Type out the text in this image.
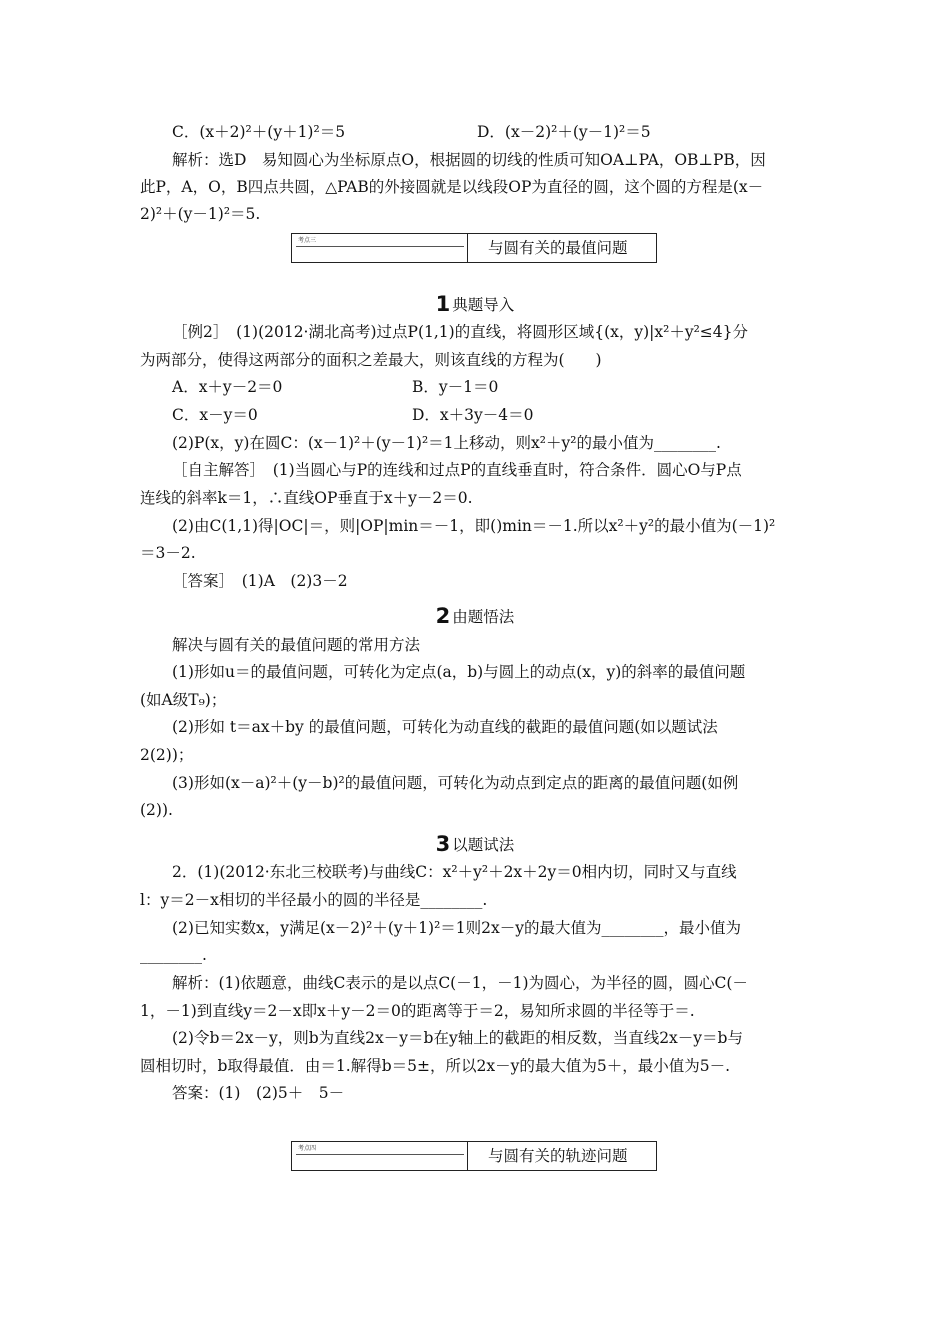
C．(x＋2)²＋(y＋1)²＝5	D．(x－2)²＋(y－1)²＝5
解析：选D　易知圆心为坐标原点O，根据圆的切线的性质可知OA⊥PA，OB⊥PB，因
此P，A，O，B四点共圆，△PAB的外接圆就是以线段OP为直径的圆，这个圆的方程是(x－
2)²＋(y－1)²＝5.
考点三	与圆有关的最值问题
1 典题导入
［例2］　(1)(2012·湖北高考)过点P(1,1)的直线，将圆形区域{(x，y)|x²＋y²≤4}分
为两部分，使得这两部分的面积之差最大，则该直线的方程为(　　)
A．x＋y－2＝0	B．y－1＝0
C．x－y＝0	D．x＋3y－4＝0
(2)P(x，y)在圆C：(x－1)²＋(y－1)²＝1上移动，则x²＋y²的最小值为________.
［自主解答］　(1)当圆心与P的连线和过点P的直线垂直时，符合条件．圆心O与P点
连线的斜率k＝1，∴直线OP垂直于x＋y－2＝0.
(2)由C(1,1)得|OC|＝，则|OP|min＝－1，即()min＝－1.所以x²＋y²的最小值为(－1)²
＝3－2.
［答案］　(1)A　(2)3－2
2 由题悟法
解决与圆有关的最值问题的常用方法
(1)形如u＝的最值问题，可转化为定点(a，b)与圆上的动点(x，y)的斜率的最值问题
(如A级T₉)；
(2)形如 t＝ax＋by 的最值问题，可转化为动直线的截距的最值问题(如以题试法
2(2))；
(3)形如(x－a)²＋(y－b)²的最值问题，可转化为动点到定点的距离的最值问题(如例
(2)).
3 以题试法
2．(1)(2012·东北三校联考)与曲线C：x²＋y²＋2x＋2y＝0相内切，同时又与直线
l：y＝2－x相切的半径最小的圆的半径是________.
(2)已知实数x，y满足(x－2)²＋(y＋1)²＝1则2x－y的最大值为________，最小值为
________.
解析：(1)依题意，曲线C表示的是以点C(－1，－1)为圆心，为半径的圆，圆心C(－
1，－1)到直线y＝2－x即x＋y－2＝0的距离等于＝2，易知所求圆的半径等于＝.
(2)令b＝2x－y，则b为直线2x－y＝b在y轴上的截距的相反数，当直线2x－y＝b与
圆相切时，b取得最值．由＝1.解得b＝5±，所以2x－y的最大值为5＋，最小值为5－.
答案：(1)　(2)5＋　5－
考点四	与圆有关的轨迹问题
